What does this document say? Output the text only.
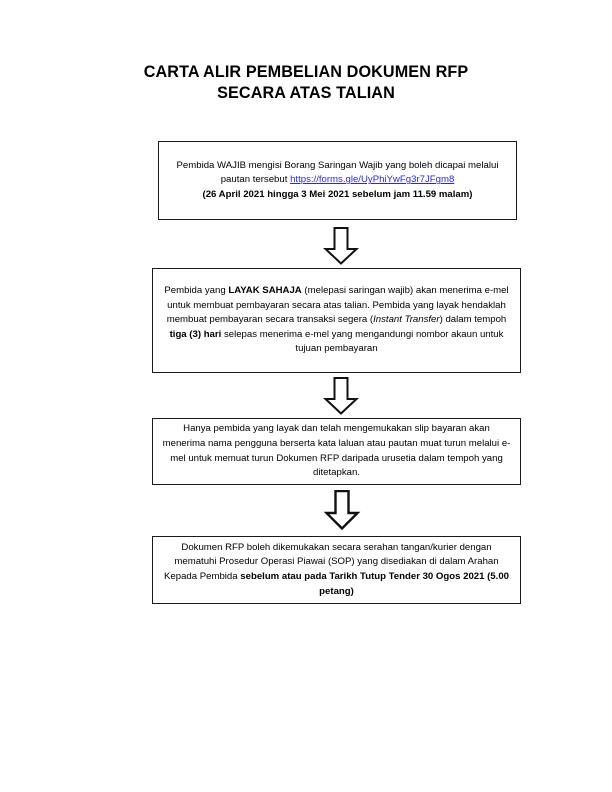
CARTA ALIR PEMBELIAN DOKUMEN RFP
SECARA ATAS TALIAN
Pembida WAJIB mengisi Borang Saringan Wajib yang boleh dicapai melalui pautan tersebut https://forms.gle/UyPhiYwFg3r7JFgm8
(26 April 2021 hingga 3 Mei 2021 sebelum jam 11.59 malam)
Pembida yang LAYAK SAHAJA (melepasi saringan wajib) akan menerima e-mel untuk membuat pembayaran secara atas talian. Pembida yang layak hendaklah membuat pembayaran secara transaksi segera (Instant Transfer) dalam tempoh tiga (3) hari selepas menerima e-mel yang mengandungi nombor akaun untuk tujuan pembayaran
Hanya pembida yang layak dan telah mengemukakan slip bayaran akan menerima nama pengguna berserta kata laluan atau pautan muat turun melalui e-mel untuk memuat turun Dokumen RFP daripada urusetia dalam tempoh yang ditetapkan.
Dokumen RFP boleh dikemukakan secara serahan tangan/kurier dengan mematuhi Prosedur Operasi Piawai (SOP) yang disediakan di dalam Arahan Kepada Pembida sebelum atau pada Tarikh Tutup Tender 30 Ogos 2021 (5.00 petang)
